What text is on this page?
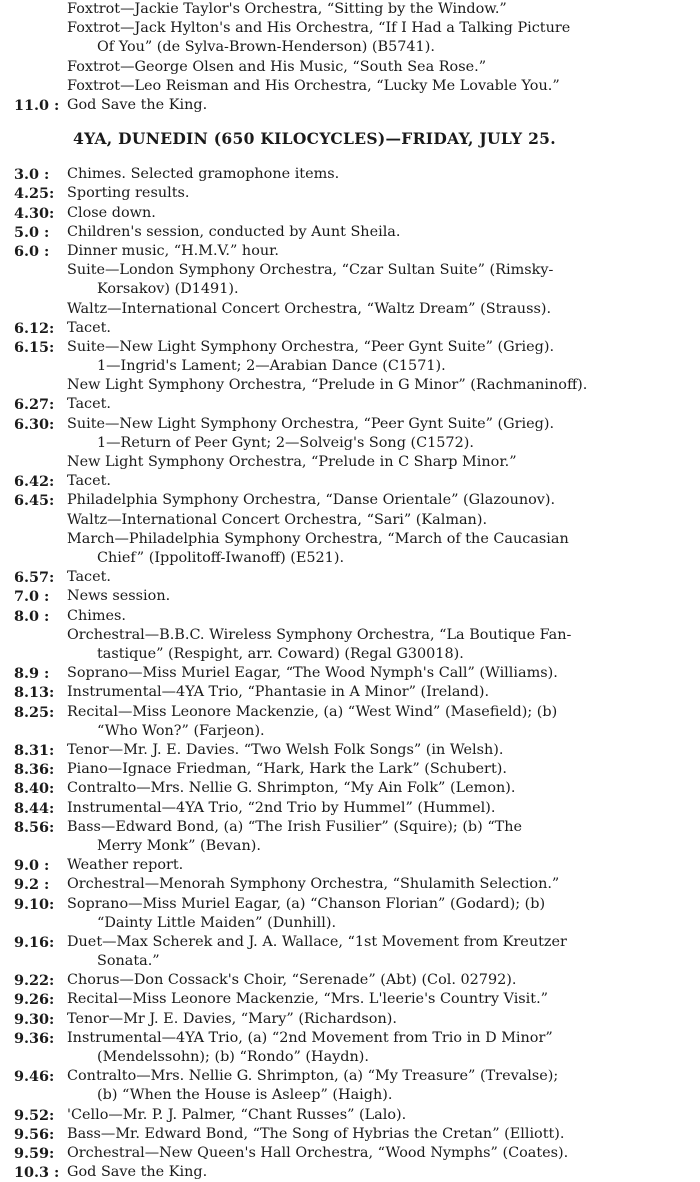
Foxtrot—Jackie Taylor's Orchestra, “Sitting by the Window.”
Foxtrot—Jack Hylton's and His Orchestra, “If I Had a Talking Picture
Of You” (de Sylva-Brown-Henderson) (B5741).
Foxtrot—George Olsen and His Music, “South Sea Rose.”
Foxtrot—Leo Reisman and His Orchestra, “Lucky Me Lovable You.”
11.0 : God Save the King.
4YA, DUNEDIN (650 KILOCYCLES)—FRIDAY, JULY 25.
3.0 :	Chimes. Selected gramophone items.
4.25: Sporting results.
4.30: Close down.
5.0 :	Children's session, conducted by Aunt Sheila.
6.0 :	Dinner music, “H.M.V.” hour.
Suite—London Symphony Orchestra, “Czar Sultan Suite” (Rimsky-
Korsakov) (D1491).
Waltz—International Concert Orchestra, “Waltz Dream” (Strauss).
6.12: Tacet.
6.15: Suite—New Light Symphony Orchestra, “Peer Gynt Suite” (Grieg).
1—Ingrid's Lament; 2—Arabian Dance (C1571).
New Light Symphony Orchestra, “Prelude in G Minor” (Rachmaninoff).
6.27: Tacet.
6.30: Suite—New Light Symphony Orchestra, “Peer Gynt Suite” (Grieg).
1—Return of Peer Gynt; 2—Solveig's Song (C1572).
New Light Symphony Orchestra, “Prelude in C Sharp Minor.”
6.42: Tacet.
6.45: Philadelphia Symphony Orchestra, “Danse Orientale” (Glazounov).
Waltz—International Concert Orchestra, “Sari” (Kalman).
March—Philadelphia Symphony Orchestra, “March of the Caucasian
Chief” (Ippolitoff-Iwanoff) (E521).
6.57: Tacet.
7.0 :	News session.
8.0 :	Chimes.
Orchestral—B.B.C. Wireless Symphony Orchestra, “La Boutique Fan-
tastique” (Respight, arr. Coward) (Regal G30018).
8.9 :	Soprano—Miss Muriel Eagar, “The Wood Nymph's Call” (Williams).
8.13: Instrumental—4YA Trio, “Phantasie in A Minor” (Ireland).
8.25: Recital—Miss Leonore Mackenzie, (a) “West Wind” (Masefield); (b)
“Who Won?” (Farjeon).
8.31: Tenor—Mr. J. E. Davies. “Two Welsh Folk Songs” (in Welsh).
8.36: Piano—Ignace Friedman, “Hark, Hark the Lark” (Schubert).
8.40: Contralto—Mrs. Nellie G. Shrimpton, “My Ain Folk” (Lemon).
8.44: Instrumental—4YA Trio, “2nd Trio by Hummel” (Hummel).
8.56: Bass—Edward Bond, (a) “The Irish Fusilier” (Squire); (b) “The
Merry Monk” (Bevan).
9.0 :	Weather report.
9.2 :	Orchestral—Menorah Symphony Orchestra, “Shulamith Selection.”
9.10: Soprano—Miss Muriel Eagar, (a) “Chanson Florian” (Godard); (b)
“Dainty Little Maiden” (Dunhill).
9.16: Duet—Max Scherek and J. A. Wallace, “1st Movement from Kreutzer
Sonata.”
9.22: Chorus—Don Cossack's Choir, “Serenade” (Abt) (Col. 02792).
9.26: Recital—Miss Leonore Mackenzie, “Mrs. L'leerie's Country Visit.”
9.30: Tenor—Mr J. E. Davies, “Mary” (Richardson).
9.36: Instrumental—4YA Trio, (a) “2nd Movement from Trio in D Minor”
(Mendelssohn); (b) “Rondo” (Haydn).
9.46: Contralto—Mrs. Nellie G. Shrimpton, (a) “My Treasure” (Trevalse);
(b) “When the House is Asleep” (Haigh).
9.52: 'Cello—Mr. P. J. Palmer, “Chant Russes” (Lalo).
9.56: Bass—Mr. Edward Bond, “The Song of Hybrias the Cretan” (Elliott).
9.59: Orchestral—New Queen's Hall Orchestra, “Wood Nymphs” (Coates).
10.3 : God Save the King.
